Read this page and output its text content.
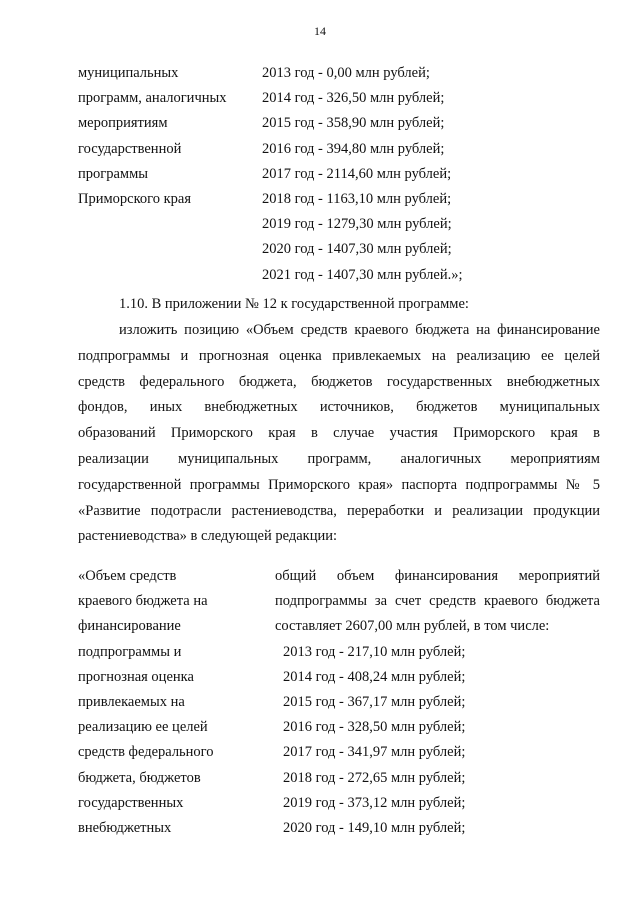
14
муниципальных
программ, аналогичных
мероприятиям
государственной
программы
Приморского края
2013 год - 0,00 млн рублей;
2014 год - 326,50 млн рублей;
2015 год - 358,90 млн рублей;
2016 год - 394,80 млн рублей;
2017 год - 2114,60 млн рублей;
2018 год - 1163,10 млн рублей;
2019 год - 1279,30 млн рублей;
2020 год - 1407,30 млн рублей;
2021 год - 1407,30 млн рублей.»;
1.10. В приложении № 12 к государственной программе:
изложить позицию «Объем средств краевого бюджета на финансирование
подпрограммы и прогнозная оценка привлекаемых на реализацию ее целей
средств федерального бюджета, бюджетов государственных внебюджетных
фондов, иных внебюджетных источников, бюджетов муниципальных
образований Приморского края в случае участия Приморского края в
реализации муниципальных программ, аналогичных мероприятиям
государственной программы Приморского края» паспорта подпрограммы № 5
«Развитие подотрасли растениеводства, переработки и реализации продукции
растениеводства» в следующей редакции:
«Объем средств
краевого бюджета на
финансирование
подпрограммы и
прогнозная оценка
привлекаемых на
реализацию ее целей
средств федерального
бюджета, бюджетов
государственных
внебюджетных
общий объем финансирования мероприятий
подпрограммы за счет средств краевого бюджета
составляет 2607,00 млн рублей, в том числе:
2013 год - 217,10 млн рублей;
2014 год - 408,24 млн рублей;
2015 год - 367,17 млн рублей;
2016 год - 328,50 млн рублей;
2017 год - 341,97 млн рублей;
2018 год - 272,65 млн рублей;
2019 год - 373,12 млн рублей;
2020 год - 149,10 млн рублей;
